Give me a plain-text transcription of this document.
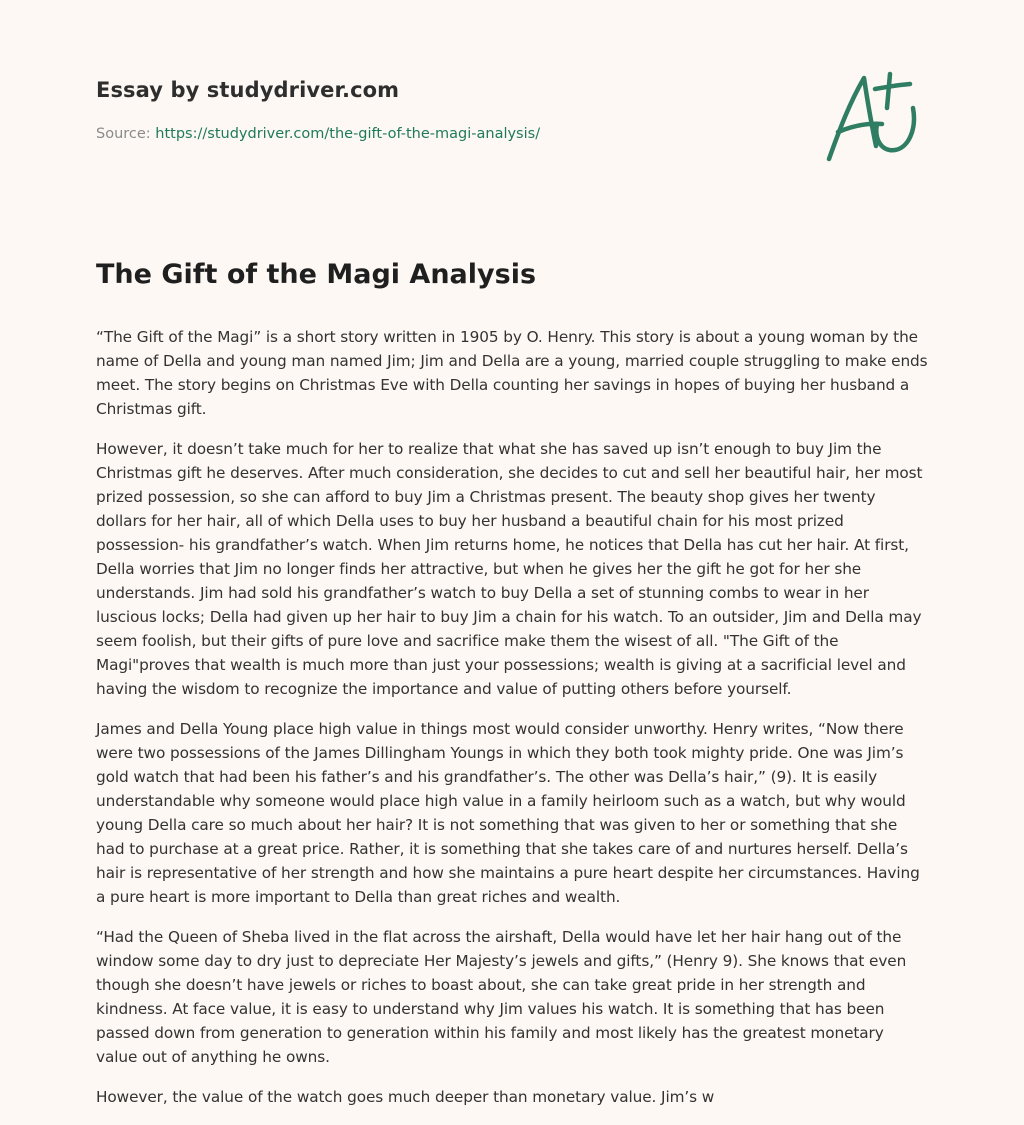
Essay by studydriver.com
Source: https://studydriver.com/the-gift-of-the-magi-analysis/
The Gift of the Magi Analysis

“The Gift of the Magi” is a short story written in 1905 by O. Henry. This story is about a young woman by the name of Della and young man named Jim; Jim and Della are a young, married couple struggling to make ends meet. The story begins on Christmas Eve with Della counting her savings in hopes of buying her husband a Christmas gift.

However, it doesn’t take much for her to realize that what she has saved up isn’t enough to buy Jim the Christmas gift he deserves. After much consideration, she decides to cut and sell her beautiful hair, her most prized possession, so she can afford to buy Jim a Christmas present. The beauty shop gives her twenty dollars for her hair, all of which Della uses to buy her husband a beautiful chain for his most prized possession- his grandfather’s watch. When Jim returns home, he notices that Della has cut her hair. At first, Della worries that Jim no longer finds her attractive, but when he gives her the gift he got for her she understands. Jim had sold his grandfather’s watch to buy Della a set of stunning combs to wear in her luscious locks; Della had given up her hair to buy Jim a chain for his watch. To an outsider, Jim and Della may seem foolish, but their gifts of pure love and sacrifice make them the wisest of all. "The Gift of the Magi"proves that wealth is much more than just your possessions; wealth is giving at a sacrificial level and having the wisdom to recognize the importance and value of putting others before yourself.

James and Della Young place high value in things most would consider unworthy. Henry writes, “Now there were two possessions of the James Dillingham Youngs in which they both took mighty pride. One was Jim’s gold watch that had been his father’s and his grandfather’s. The other was Della’s hair,” (9). It is easily understandable why someone would place high value in a family heirloom such as a watch, but why would young Della care so much about her hair? It is not something that was given to her or something that she had to purchase at a great price. Rather, it is something that she takes care of and nurtures herself. Della’s hair is representative of her strength and how she maintains a pure heart despite her circumstances. Having a pure heart is more important to Della than great riches and wealth.

“Had the Queen of Sheba lived in the flat across the airshaft, Della would have let her hair hang out of the window some day to dry just to depreciate Her Majesty’s jewels and gifts,” (Henry 9). She knows that even though she doesn’t have jewels or riches to boast about, she can take great pride in her strength and kindness. At face value, it is easy to understand why Jim values his watch. It is something that has been passed down from generation to generation within his family and most likely has the greatest monetary value out of anything he owns.

However, the value of the watch goes much deeper than monetary value. Jim’s w
